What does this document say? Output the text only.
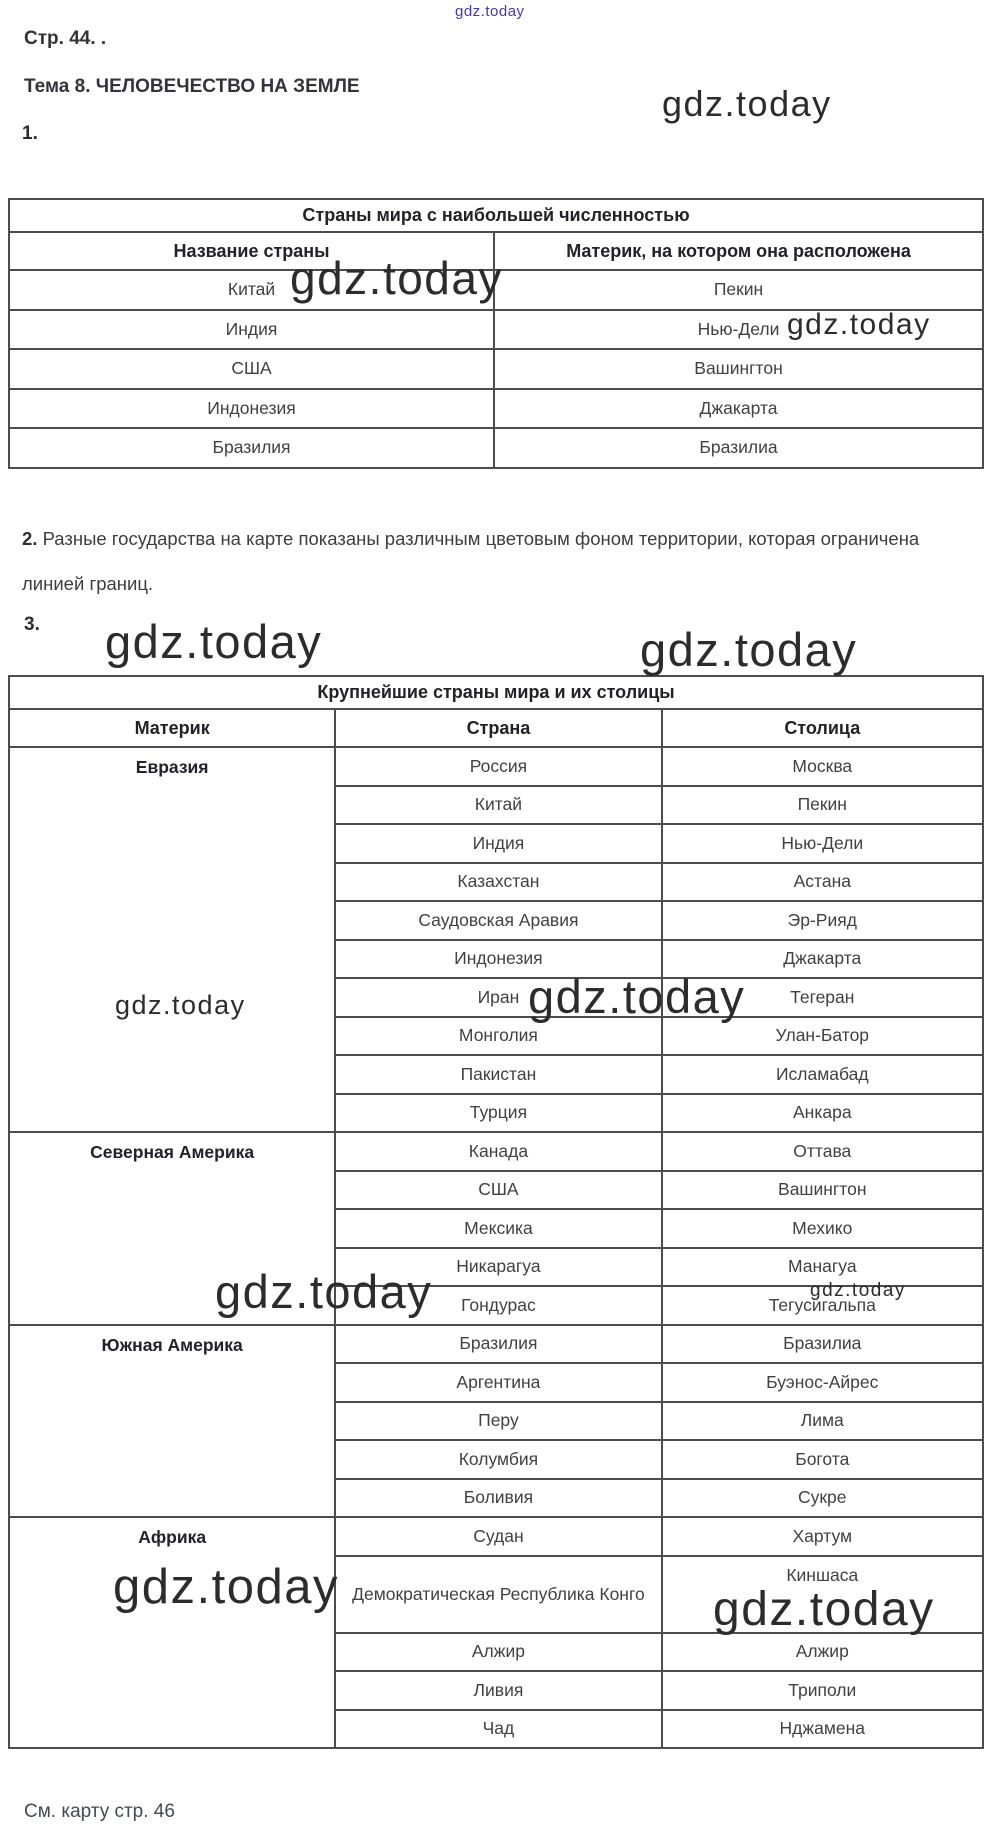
gdz.today
gdz.today
gdz.today
gdz.today
gdz.today	gdz.today
gdz.today	gdz.today
gdz.today	gdz.today
gdz.today	gdz.today
Стр. 44. .
Тема 8. ЧЕЛОВЕЧЕСТВО НА ЗЕМЛЕ
1.
Страны мира с наибольшей численностью	
Название страны	Материк, на котором она расположена
Китай	Пекин
Индия	Нью-Дели
США	Вашингтон
Индонезия	Джакарта
Бразилия	Бразилиа
2. Разные государства на карте показаны различным цветовым фоном территории, которая ограничена линией границ.
3.
Крупнейшие страны мира и их столицы		
Материк	Страна	Столица
Евразия	Россия	Москва
	Китай	Пекин
	Индия	Нью-Дели
	Казахстан	Астана
	Саудовская Аравия	Эр-Рияд
	Индонезия	Джакарта
	Иран	Тегеран
	Монголия	Улан-Батор
	Пакистан	Исламабад
	Турция	Анкара
Северная Америка	Канада	Оттава
	США	Вашингтон
	Мексика	Мехико
	Никарагуа	Манагуа
	Гондурас	Тегусигальпа
Южная Америка	Бразилия	Бразилиа
	Аргентина	Буэнос-Айрес
	Перу	Лима
	Колумбия	Богота
	Боливия	Сукре
Африка	Судан	Хартум
	Демократическая Республика Конго	Киншаса
	Алжир	Алжир
	Ливия	Триполи
	Чад	Нджамена
См. карту стр. 46
